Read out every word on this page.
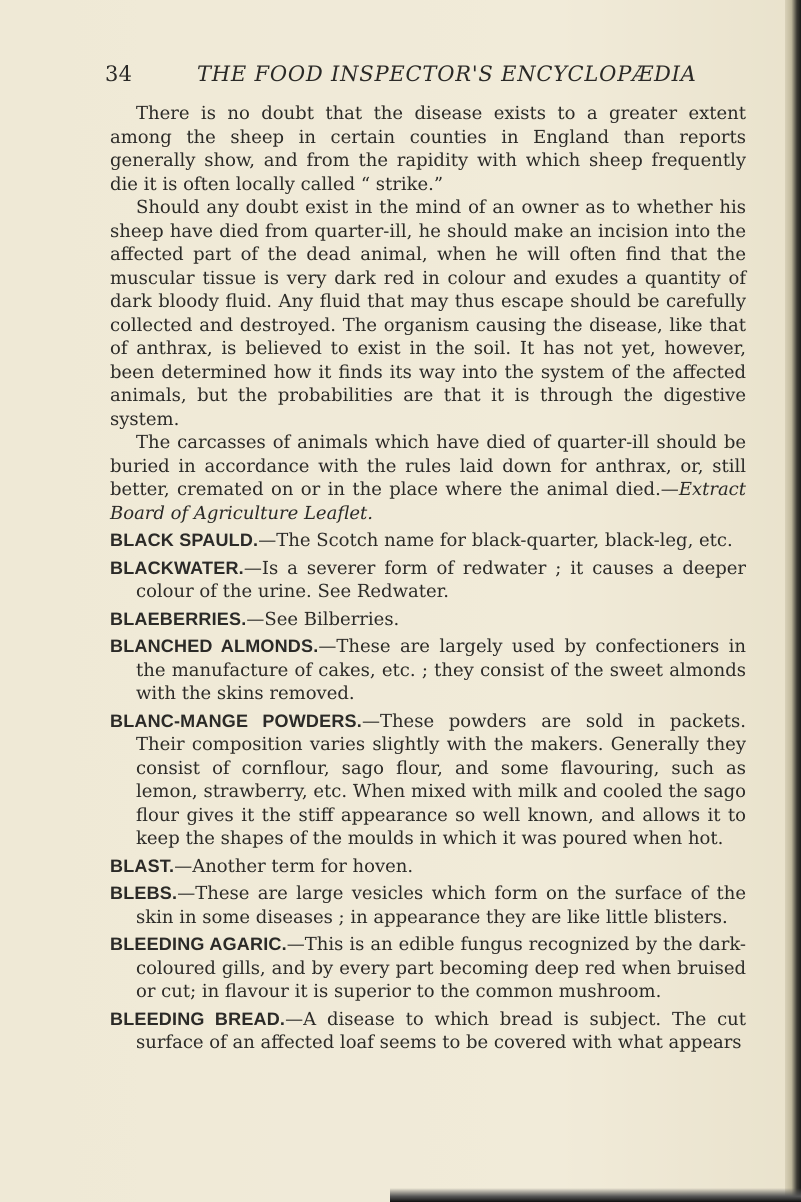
34	THE FOOD INSPECTOR'S ENCYCLOPÆDIA

There is no doubt that the disease exists to a greater extent among the sheep in certain counties in England than reports generally show, and from the rapidity with which sheep frequently die it is often locally called “ strike.”

Should any doubt exist in the mind of an owner as to whether his sheep have died from quarter-ill, he should make an incision into the affected part of the dead animal, when he will often find that the muscular tissue is very dark red in colour and exudes a quantity of dark bloody fluid. Any fluid that may thus escape should be carefully collected and destroyed. The organism causing the disease, like that of anthrax, is believed to exist in the soil. It has not yet, however, been determined how it finds its way into the system of the affected animals, but the probabilities are that it is through the digestive system.

The carcasses of animals which have died of quarter-ill should be buried in accordance with the rules laid down for anthrax, or, still better, cremated on or in the place where the animal died.—Extract Board of Agriculture Leaflet.

BLACK SPAULD.—The Scotch name for black-quarter, black-leg, etc.

BLACKWATER.—Is a severer form of redwater ; it causes a deeper colour of the urine. See Redwater.

BLAEBERRIES.—See Bilberries.

BLANCHED ALMONDS.—These are largely used by confectioners in the manufacture of cakes, etc. ; they consist of the sweet almonds with the skins removed.

BLANC-MANGE POWDERS.—These powders are sold in packets. Their composition varies slightly with the makers. Generally they consist of cornflour, sago flour, and some flavouring, such as lemon, strawberry, etc. When mixed with milk and cooled the sago flour gives it the stiff appearance so well known, and allows it to keep the shapes of the moulds in which it was poured when hot.

BLAST.—Another term for hoven.

BLEBS.—These are large vesicles which form on the surface of the skin in some diseases ; in appearance they are like little blisters.

BLEEDING AGARIC.—This is an edible fungus recognized by the dark-coloured gills, and by every part becoming deep red when bruised or cut; in flavour it is superior to the common mushroom.

BLEEDING BREAD.—A disease to which bread is subject. The cut surface of an affected loaf seems to be covered with what appears
